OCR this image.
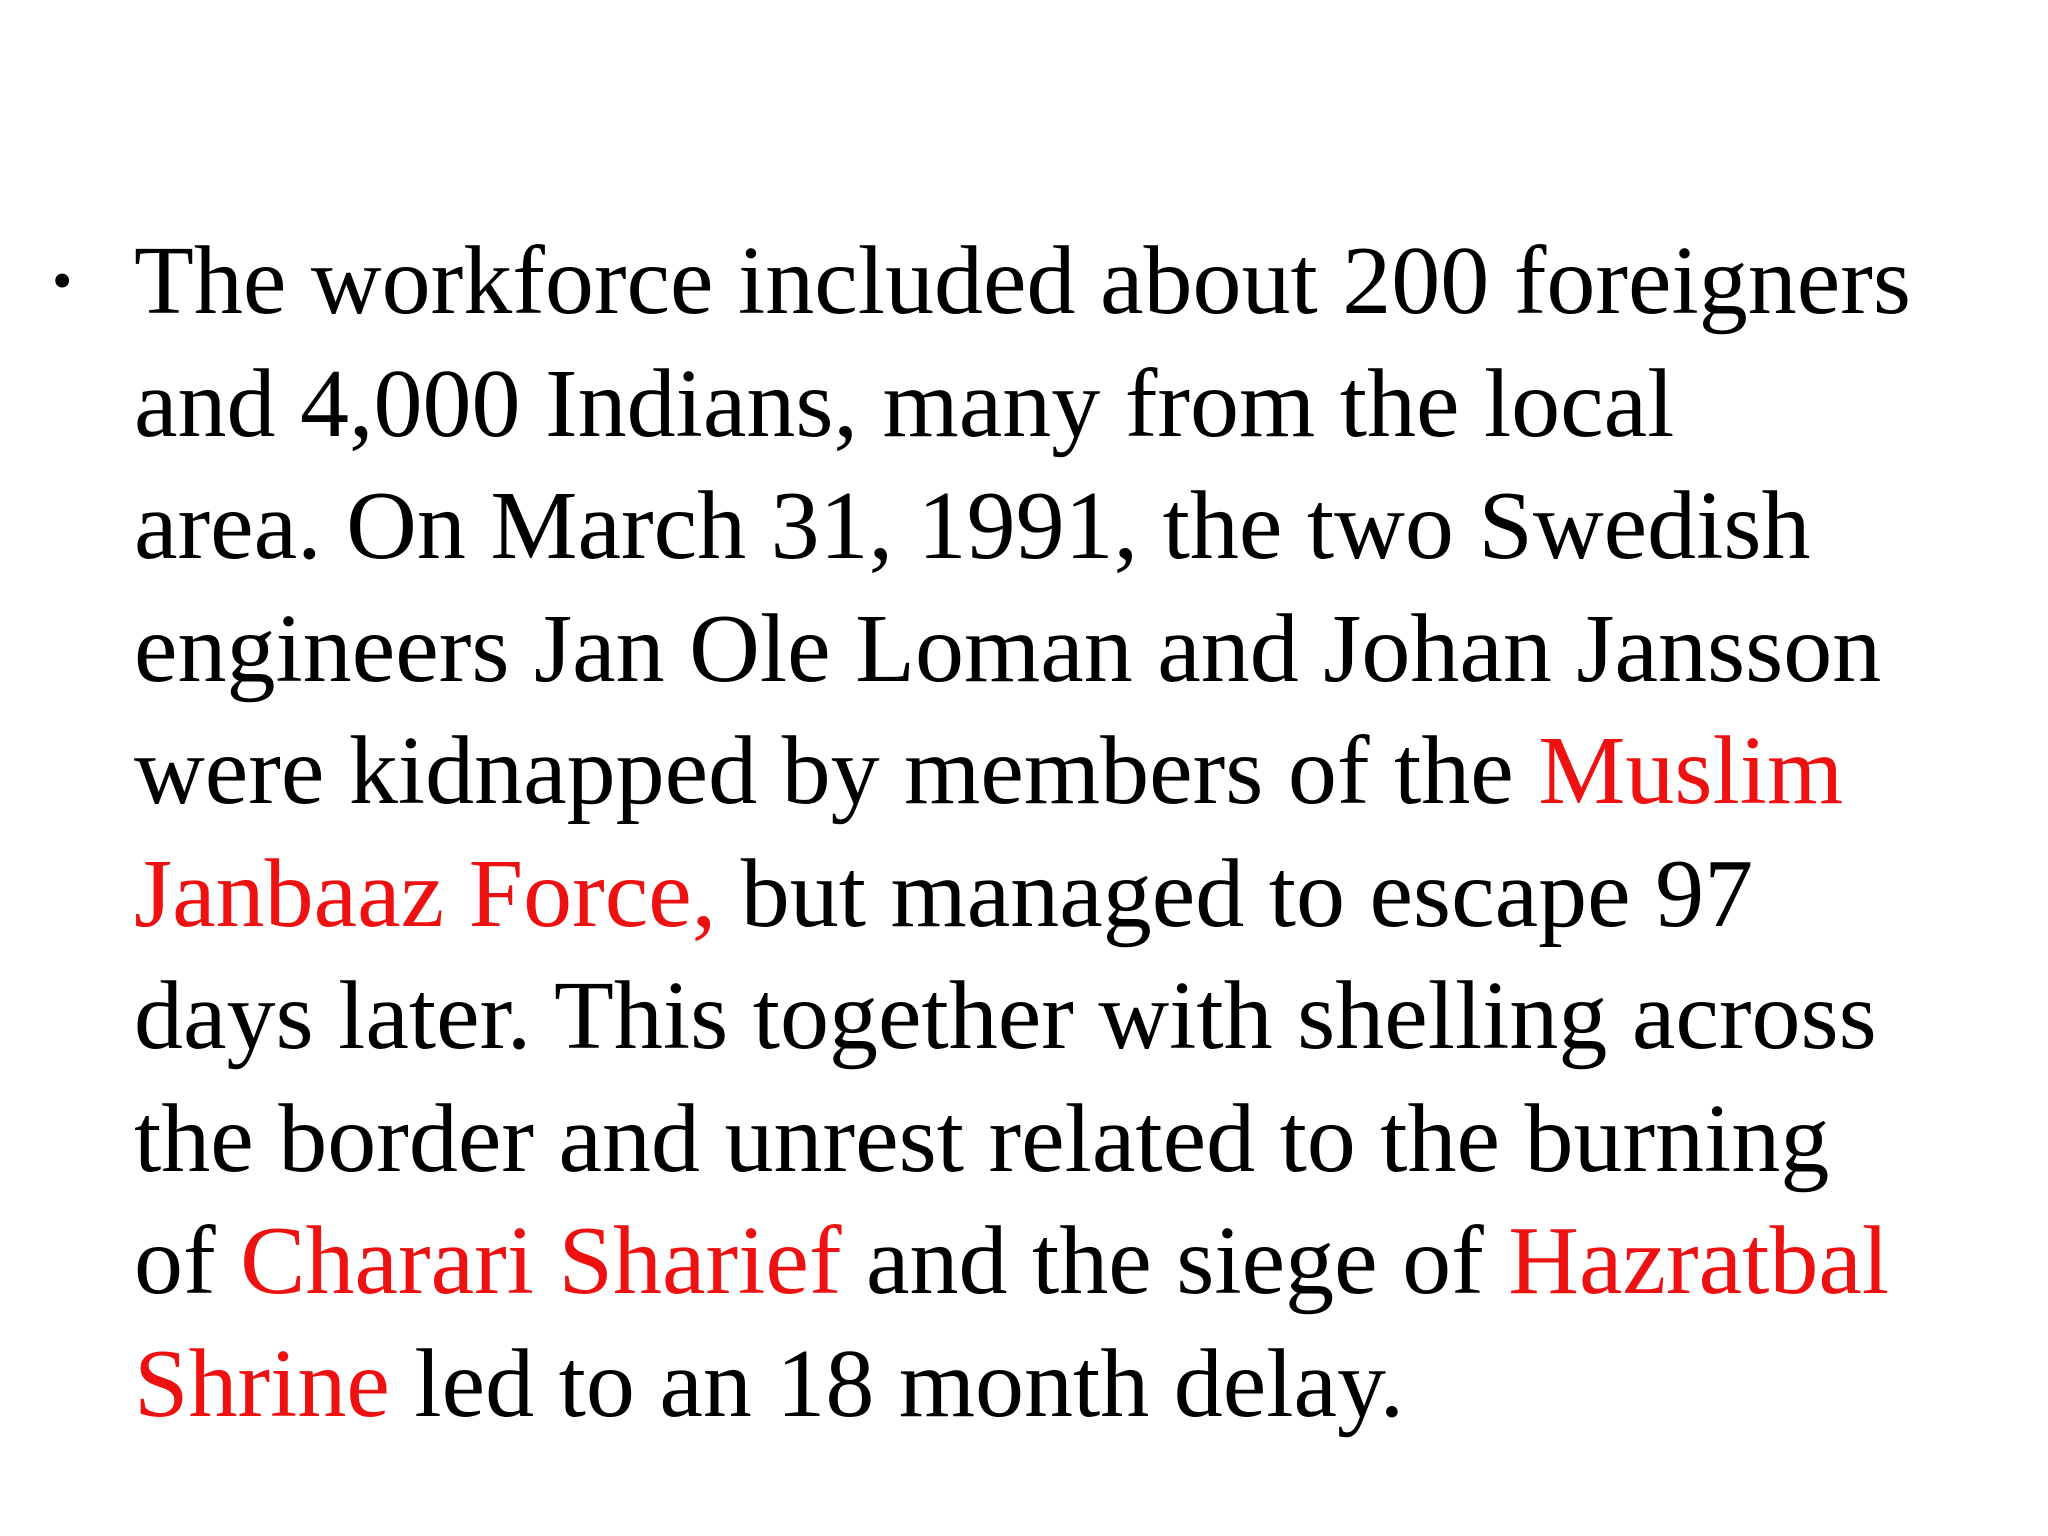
• The workforce included about 200 foreigners
and 4,000 Indians, many from the local
area. On March 31, 1991, the two Swedish
engineers Jan Ole Loman and Johan Jansson
were kidnapped by members of the Muslim
Janbaaz Force, but managed to escape 97
days later. This together with shelling across
the border and unrest related to the burning
of Charari Sharief and the siege of Hazratbal
Shrine led to an 18 month delay.
